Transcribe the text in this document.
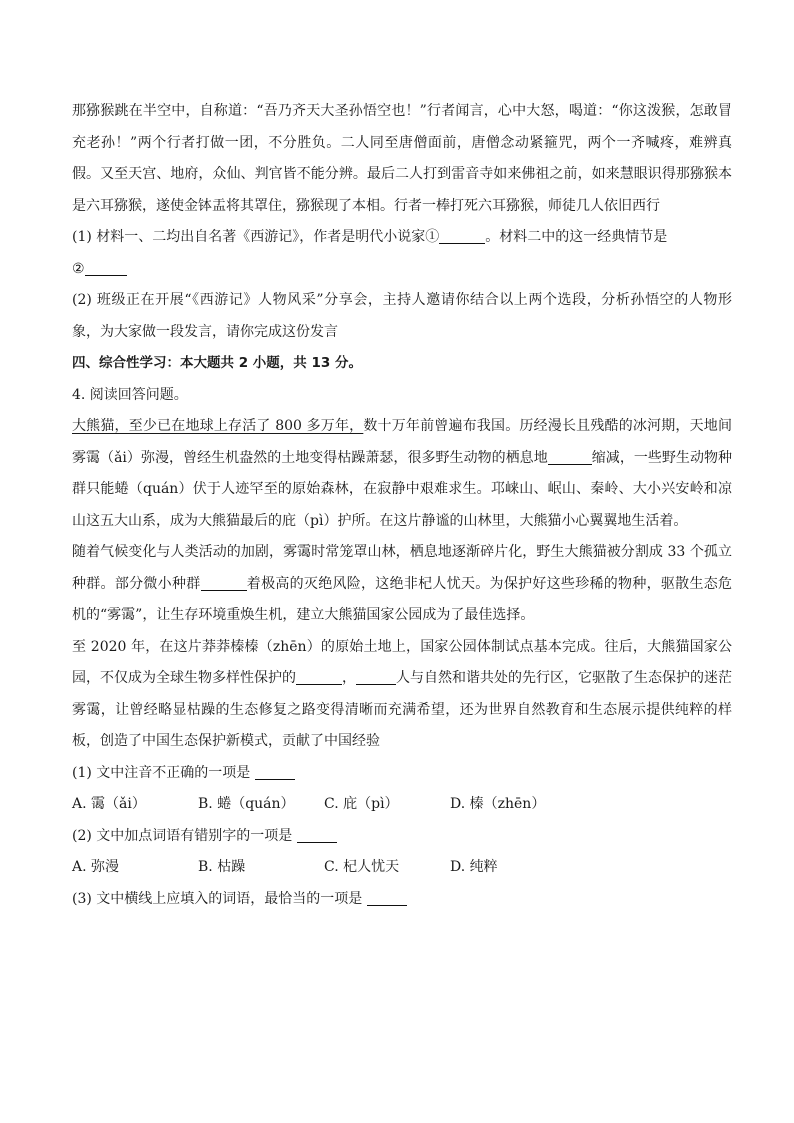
那猕猴跳在半空中，自称道：“吾乃齐天大圣孙悟空也！”行者闻言，心中大怒，喝道：“你这泼猴，怎敢冒充老孙！”两个行者打做一团，不分胜负。二人同至唐僧面前，唐僧念动紧箍咒，两个一齐喊疼，难辨真假。又至天宫、地府，众仙、判官皆不能分辨。最后二人打到雷音寺如来佛祖之前，如来慧眼识得那猕猴本是六耳猕猴，遂使金钵盂将其罩住，猕猴现了本相。行者一棒打死六耳猕猴，师徒几人依旧西行

(1) 材料一、二均出自名著《西游记》，作者是明代小说家①	。材料二中的这一经典情节是

②

(2) 班级正在开展“《西游记》人物风采”分享会，主持人邀请你结合以上两个选段，分析孙悟空的人物形象，为大家做一段发言，请你完成这份发言

四、综合性学习：本大题共 2 小题，共 13 分。

4. 阅读回答问题。

大熊猫，至少已在地球上存活了 800 多万年，数十万年前曾遍布我国。历经漫长且残酷的冰河期，天地间雾霭（ǎi）弥漫，曾经生机盎然的土地变得枯躁萧瑟，很多野生动物的栖息地	缩减，一些野生动物种群只能蜷（quán）伏于人迹罕至的原始森林，在寂静中艰难求生。邛崃山、岷山、秦岭、大小兴安岭和凉山这五大山系，成为大熊猫最后的庇（pì）护所。在这片静谧的山林里，大熊猫小心翼翼地生活着。

随着气候变化与人类活动的加剧，雾霭时常笼罩山林，栖息地逐渐碎片化，野生大熊猫被分割成 33 个孤立种群。部分微小种群	着极高的灭绝风险，这绝非杞人忧天。为保护好这些珍稀的物种，驱散生态危机的“雾霭”，让生存环境重焕生机，建立大熊猫国家公园成为了最佳选择。

至 2020 年，在这片莽莽榛榛（zhēn）的原始土地上，国家公园体制试点基本完成。往后，大熊猫国家公园，不仅成为全球生物多样性保护的	，	人与自然和谐共处的先行区，它驱散了生态保护的迷茫雾霭，让曾经略显枯躁的生态修复之路变得清晰而充满希望，还为世界自然教育和生态展示提供纯粹的样板，创造了中国生态保护新模式，贡献了中国经验

(1) 文中注音不正确的一项是

A. 霭（ǎi）	B. 蜷（quán）	C. 庇（pì）	D. 榛（zhēn）

(2) 文中加点词语有错别字的一项是

A. 弥漫	B. 枯躁	C. 杞人忧天	D. 纯粹

(3) 文中横线上应填入的词语，最恰当的一项是
